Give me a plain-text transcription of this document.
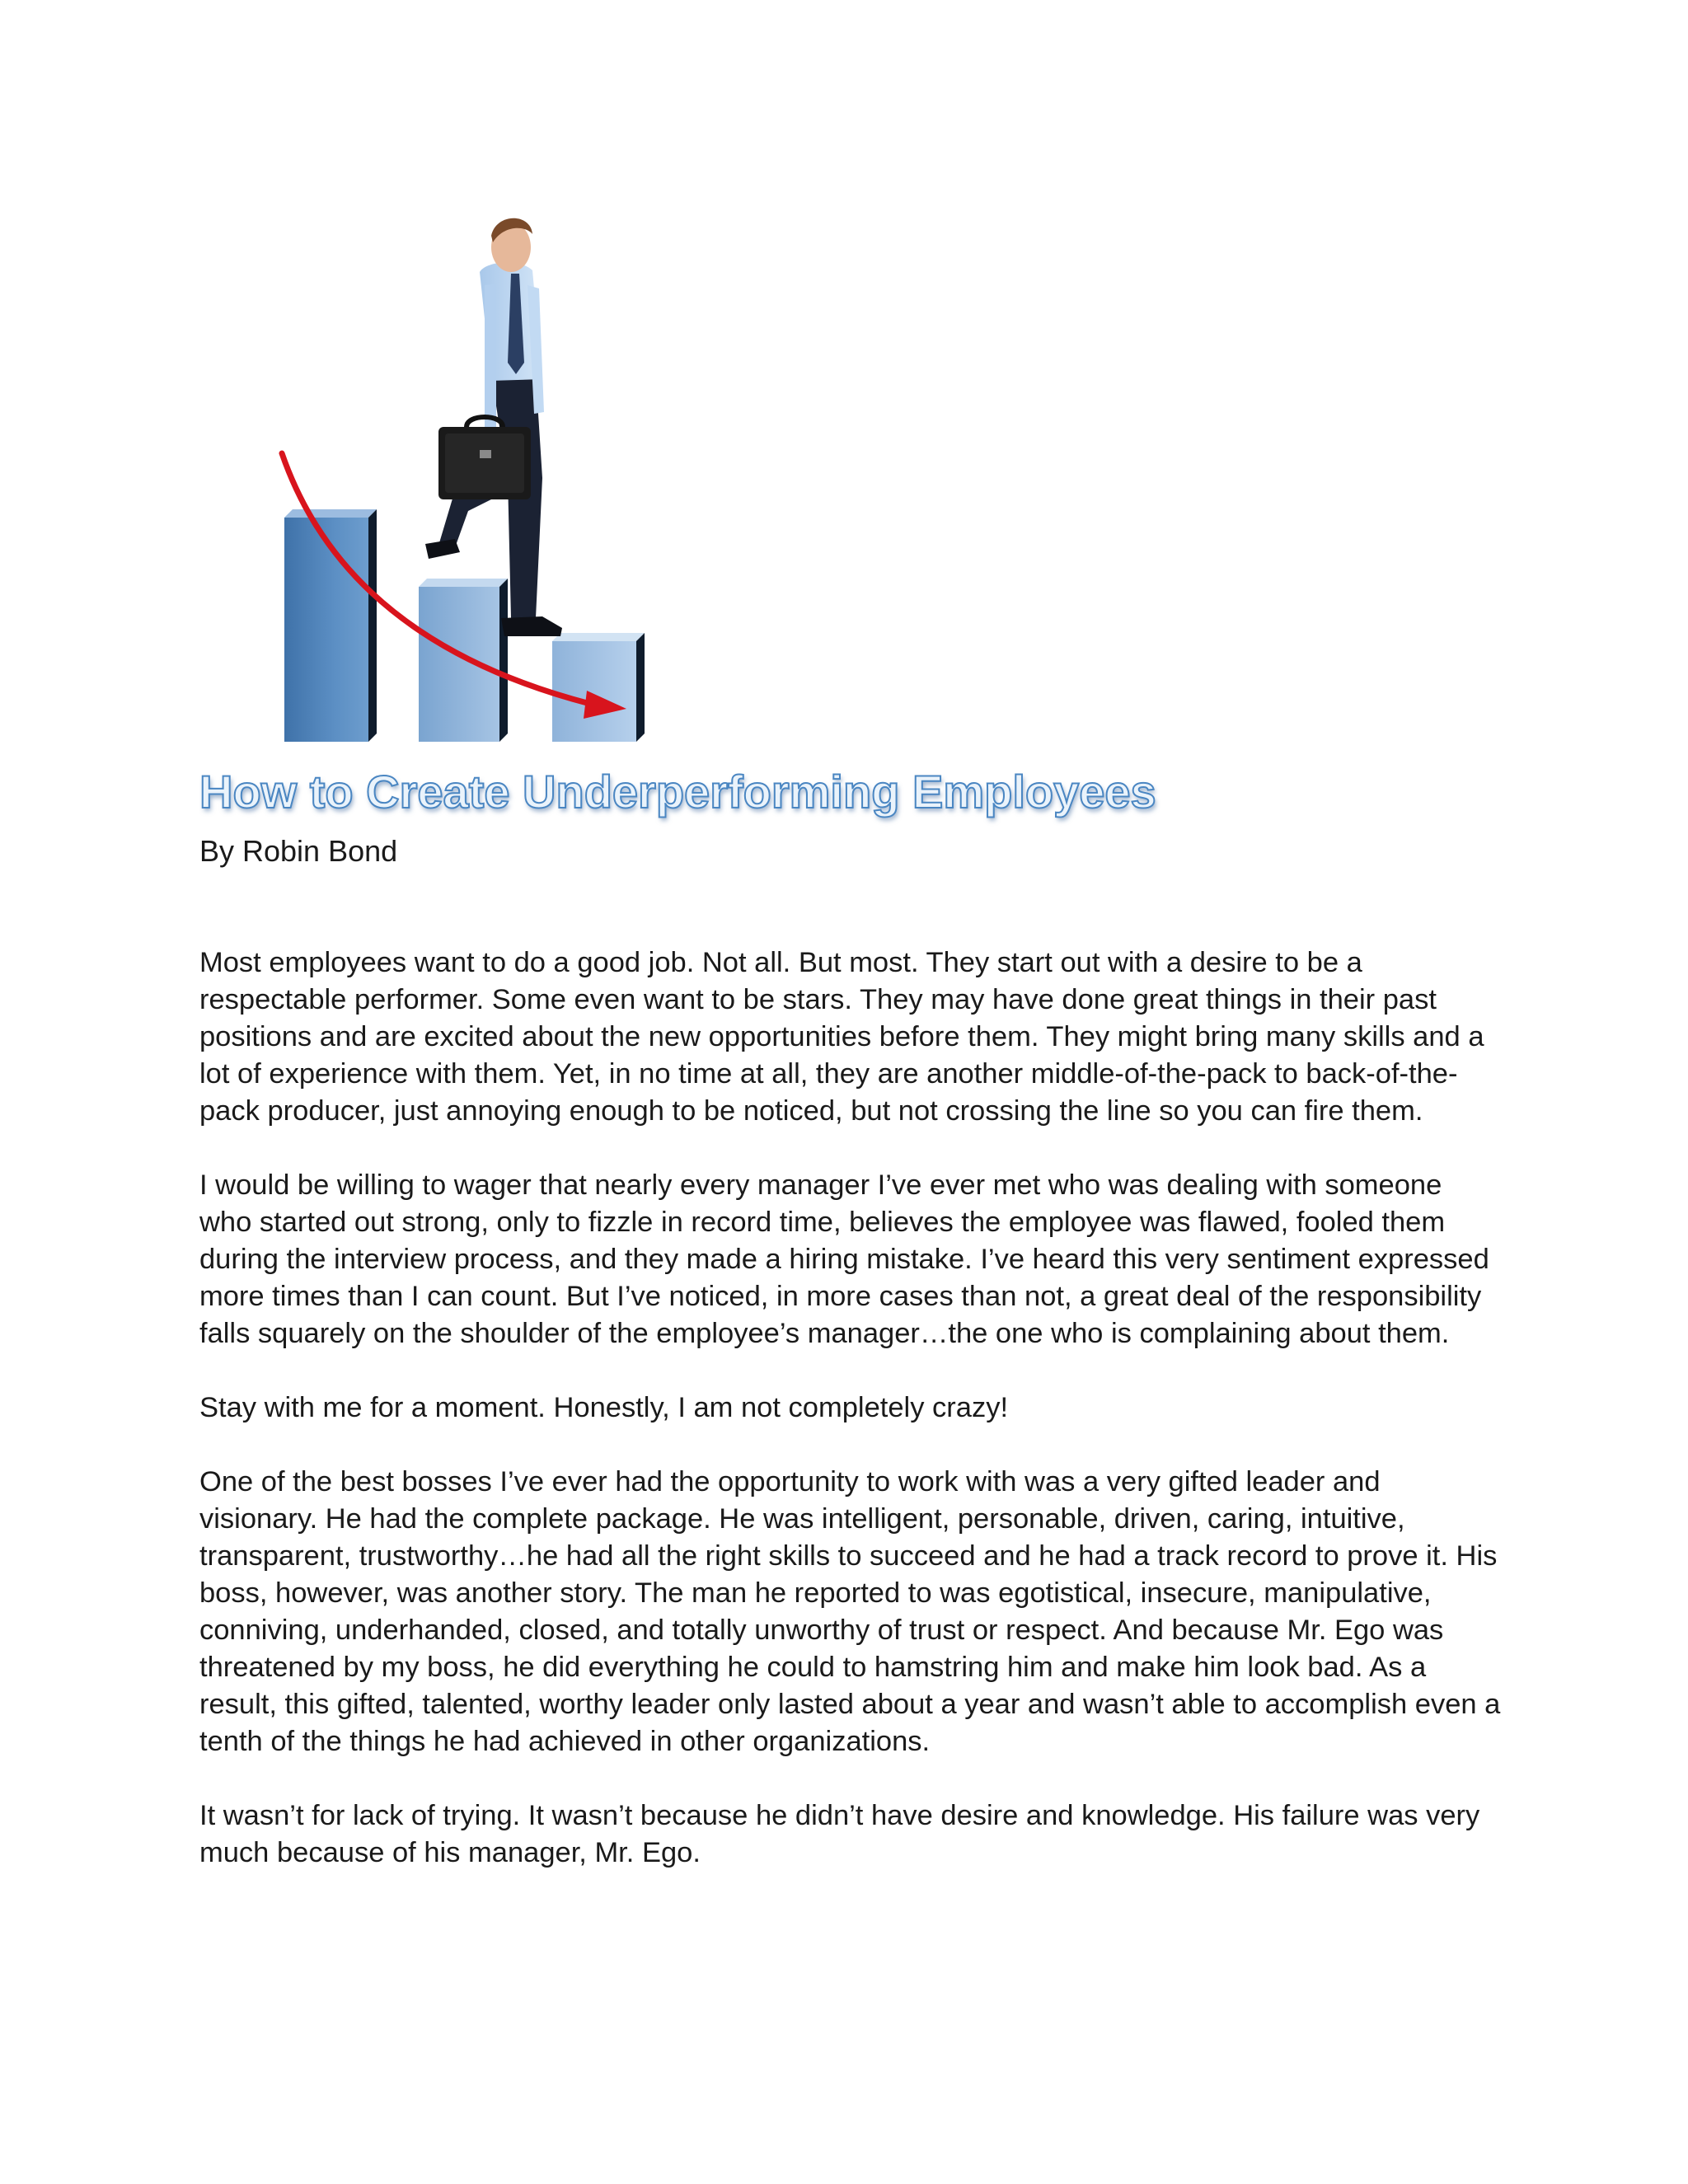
How to Create Underperforming Employees

By Robin Bond

Most employees want to do a good job. Not all. But most. They start out with a desire to be a respectable performer. Some even want to be stars. They may have done great things in their past positions and are excited about the new opportunities before them. They might bring many skills and a lot of experience with them. Yet, in no time at all, they are another middle-of-the-pack to back-of-the-pack producer, just annoying enough to be noticed, but not crossing the line so you can fire them.

I would be willing to wager that nearly every manager I’ve ever met who was dealing with someone who started out strong, only to fizzle in record time, believes the employee was flawed, fooled them during the interview process, and they made a hiring mistake. I’ve heard this very sentiment expressed more times than I can count. But I’ve noticed, in more cases than not, a great deal of the responsibility falls squarely on the shoulder of the employee’s manager…the one who is complaining about them.

Stay with me for a moment. Honestly, I am not completely crazy!

One of the best bosses I’ve ever had the opportunity to work with was a very gifted leader and visionary. He had the complete package. He was intelligent, personable, driven, caring, intuitive, transparent, trustworthy…he had all the right skills to succeed and he had a track record to prove it. His boss, however, was another story. The man he reported to was egotistical, insecure, manipulative, conniving, underhanded, closed, and totally unworthy of trust or respect. And because Mr. Ego was threatened by my boss, he did everything he could to hamstring him and make him look bad. As a result, this gifted, talented, worthy leader only lasted about a year and wasn’t able to accomplish even a tenth of the things he had achieved in other organizations.

It wasn’t for lack of trying. It wasn’t because he didn’t have desire and knowledge. His failure was very much because of his manager, Mr. Ego.
